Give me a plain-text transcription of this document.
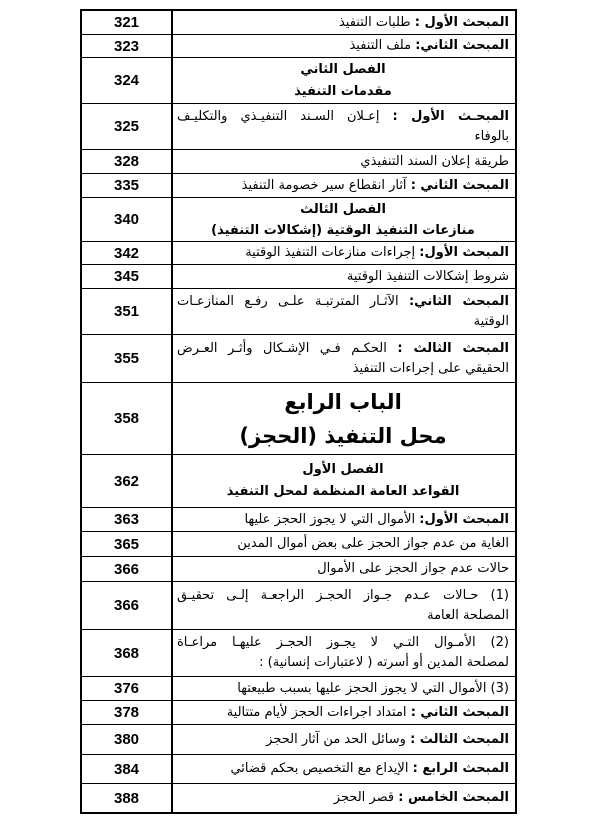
المبحث الأول : طلبات التنفيذ
321
المبحث الثاني: ملف التنفيذ
323
الفصل الثاني
مقدمات التنفيذ
324
المبحـث الأول : إعـلان السـند التنفيـذي والتكليـف
بالوفاء
325
طريقة إعلان السند التنفيذي
328
المبحث الثاني : آثار انقطاع سير خصومة التنفيذ
335
الفصل الثالث
منازعات التنفيذ الوقتية (إشكالات التنفيذ)
340
المبحث الأول: إجراءات منازعات التنفيذ الوقتية
342
شروط إشكالات التنفيذ الوقتية
345
المبحث الثاني: الآثـار المترتبـة علـى رفـع المنازعـات
الوقتية
351
المبحث الثالث : الحكـم فـي الإشـكال وأثـر العـرض
الحقيقي على إجراءات التنفيذ
355
الباب الرابع
محل التنفيذ (الحجز)
358
الفصل الأول
القواعد العامة المنظمة لمحل التنفيذ
362
المبحث الأول: الأموال التي لا يجوز الحجز عليها
363
الغاية من عدم جواز الحجز على بعض أموال المدين
365
حالات عدم جواز الحجز على الأموال
366
(1) حـالات عـدم جـواز الحجـز الراجعـة إلـى تحقيـق
المصلحة العامة
366
(2) الأمـوال التـي لا يجـوز الحجـز عليهـا مراعـاة
لمصلحة المدين أو أسرته ( لاعتبارات إنسانية) :
368
(3) الأموال التي لا يجوز الحجز عليها بسبب طبيعتها
376
المبحث الثاني : امتداد اجراءات الحجز لأيام متتالية
378
المبحث الثالث : وسائل الحد من آثار الحجز
380
المبحث الرابع : الإيداع مع التخصيص بحكم قضائي
384
المبحث الخامس : قصر الحجز
388
